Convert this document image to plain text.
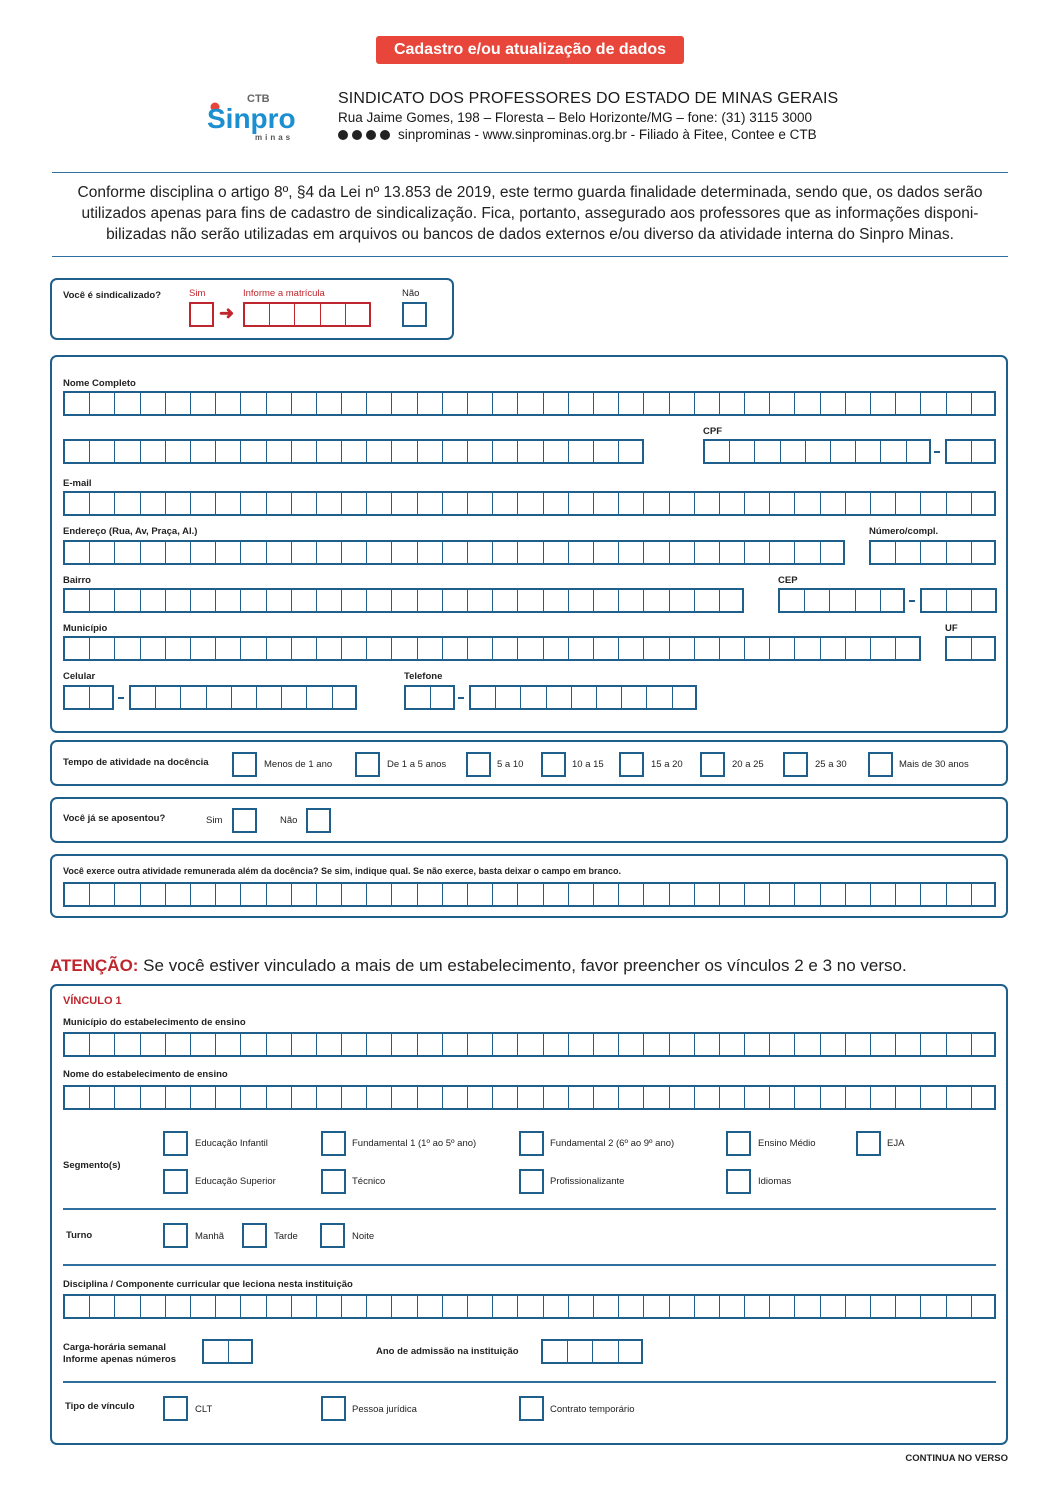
Cadastro e/ou atualização de dados
CTB
Sinpro
minas
SINDICATO DOS PROFESSORES DO ESTADO DE MINAS GERAIS
Rua Jaime Gomes, 198 – Floresta – Belo Horizonte/MG – fone: (31) 3115 3000
sinprominas - www.sinprominas.org.br - Filiado à Fitee, Contee e CTB
Conforme disciplina o artigo 8º, §4 da Lei nº 13.853 de 2019, este termo guarda finalidade determinada, sendo que, os dados serão utilizados apenas para fins de cadastro de sindicalização. Fica, portanto, assegurado aos professores que as informações disponi-bilizadas não serão utilizadas em arquivos ou bancos de dados externos e/ou diverso da atividade interna do Sinpro Minas.
Você é sindicalizado?	Sim
➜
Informe a matrícula	Não
Nome Completo
CPF
E-mail
Endereço (Rua, Av, Praça, Al.)	Número/compl.
Bairro	CEP
Município	UF
Celular	Telefone
Tempo de atividade na docência	Menos de 1 ano	De 1 a 5 anos	5 a 10	10 a 15	15 a 20	20 a 25	25 a 30	Mais de 30 anos
Você já se aposentou?	Sim	Não
Você exerce outra atividade remunerada além da docência? Se sim, indique qual. Se não exerce, basta deixar o campo em branco.
ATENÇÃO: Se você estiver vinculado a mais de um estabelecimento, favor preencher os vínculos 2 e 3 no verso.
VÍNCULO 1
Município do estabelecimento de ensino
Nome do estabelecimento de ensino
Segmento(s)
Educação Infantil	Fundamental 1 (1º ao 5º ano)	Fundamental 2 (6º ao 9º ano)	Ensino Médio	EJA
Educação Superior	Técnico	Profissionalizante	Idiomas
Turno	Manhã	Tarde	Noite
Disciplina / Componente curricular que leciona nesta instituição
Carga-horária semanal
Informe apenas números
Ano de admissão na instituição
Tipo de vínculo	CLT	Pessoa jurídica	Contrato temporário
CONTINUA NO VERSO
